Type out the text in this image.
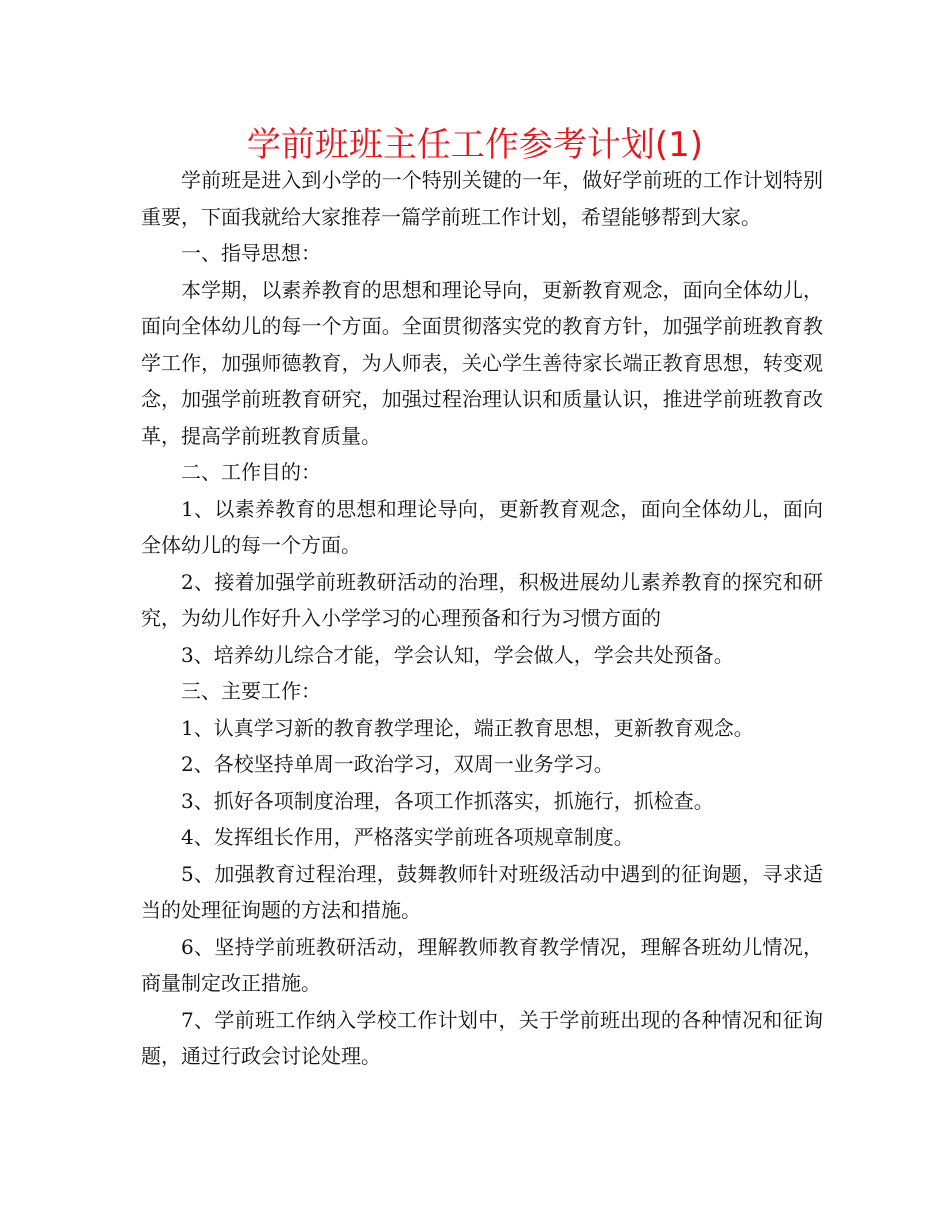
学前班班主任工作参考计划(1)

学前班是进入到小学的一个特别关键的一年，做好学前班的工作计划特别重要，下面我就给大家推荐一篇学前班工作计划，希望能够帮到大家。

一、指导思想：

本学期，以素养教育的思想和理论导向，更新教育观念，面向全体幼儿，面向全体幼儿的每一个方面。全面贯彻落实党的教育方针，加强学前班教育教学工作，加强师德教育，为人师表，关心学生善待家长端正教育思想，转变观念，加强学前班教育研究，加强过程治理认识和质量认识，推进学前班教育改革，提高学前班教育质量。

二、工作目的：

1、以素养教育的思想和理论导向，更新教育观念，面向全体幼儿，面向全体幼儿的每一个方面。

2、接着加强学前班教研活动的治理，积极进展幼儿素养教育的探究和研究，为幼儿作好升入小学学习的心理预备和行为习惯方面的

3、培养幼儿综合才能，学会认知，学会做人，学会共处预备。

三、主要工作：

1、认真学习新的教育教学理论，端正教育思想，更新教育观念。

2、各校坚持单周一政治学习，双周一业务学习。

3、抓好各项制度治理，各项工作抓落实，抓施行，抓检查。

4、发挥组长作用，严格落实学前班各项规章制度。

5、加强教育过程治理，鼓舞教师针对班级活动中遇到的征询题，寻求适当的处理征询题的方法和措施。

6、坚持学前班教研活动，理解教师教育教学情况，理解各班幼儿情况，商量制定改正措施。

7、学前班工作纳入学校工作计划中，关于学前班出现的各种情况和征询题，通过行政会讨论处理。
